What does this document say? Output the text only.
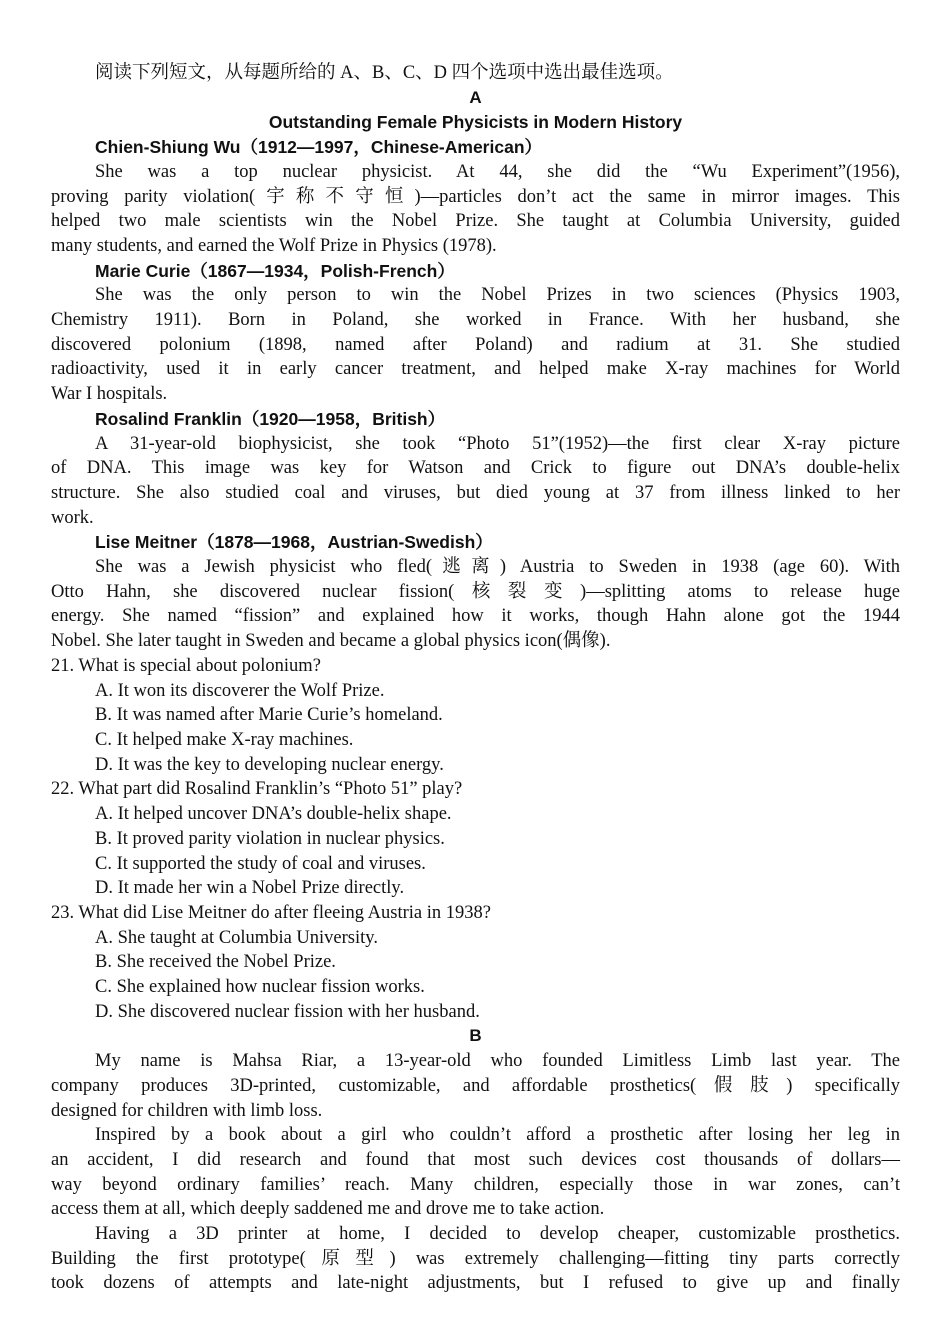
阅读下列短文，从每题所给的 A、B、C、D 四个选项中选出最佳选项。
A
Outstanding Female Physicists in Modern History
Chien-Shiung Wu（1912—1997，Chinese-American）
She was a top nuclear physicist. At 44, she did the “Wu Experiment”(1956),
proving parity violation(宇称不守恒)—particles don’t act the same in mirror images. This
helped two male scientists win the Nobel Prize. She taught at Columbia University, guided
many students, and earned the Wolf Prize in Physics (1978).
Marie Curie（1867—1934，Polish-French）
She was the only person to win the Nobel Prizes in two sciences (Physics 1903,
Chemistry 1911). Born in Poland, she worked in France. With her husband, she
discovered polonium (1898, named after Poland) and radium at 31. She studied
radioactivity, used it in early cancer treatment, and helped make X-ray machines for World
War I hospitals.
Rosalind Franklin（1920—1958，British）
A 31-year-old biophysicist, she took “Photo 51”(1952)—the first clear X-ray picture
of DNA. This image was key for Watson and Crick to figure out DNA’s double-helix
structure. She also studied coal and viruses, but died young at 37 from illness linked to her
work.
Lise Meitner（1878—1968，Austrian-Swedish）
She was a Jewish physicist who fled(逃离) Austria to Sweden in 1938 (age 60). With
Otto Hahn, she discovered nuclear fission(核裂变)—splitting atoms to release huge
energy. She named “fission” and explained how it works, though Hahn alone got the 1944
Nobel. She later taught in Sweden and became a global physics icon(偶像).
21. What is special about polonium?
A. It won its discoverer the Wolf Prize.
B. It was named after Marie Curie’s homeland.
C. It helped make X-ray machines.
D. It was the key to developing nuclear energy.
22. What part did Rosalind Franklin’s “Photo 51” play?
A. It helped uncover DNA’s double-helix shape.
B. It proved parity violation in nuclear physics.
C. It supported the study of coal and viruses.
D. It made her win a Nobel Prize directly.
23. What did Lise Meitner do after fleeing Austria in 1938?
A. She taught at Columbia University.
B. She received the Nobel Prize.
C. She explained how nuclear fission works.
D. She discovered nuclear fission with her husband.
B
My name is Mahsa Riar, a 13-year-old who founded Limitless Limb last year. The
company produces 3D-printed, customizable, and affordable prosthetics(假肢) specifically
designed for children with limb loss.
Inspired by a book about a girl who couldn’t afford a prosthetic after losing her leg in
an accident, I did research and found that most such devices cost thousands of dollars—
way beyond ordinary families’ reach. Many children, especially those in war zones, can’t
access them at all, which deeply saddened me and drove me to take action.
Having a 3D printer at home, I decided to develop cheaper, customizable prosthetics.
Building the first prototype(原型) was extremely challenging—fitting tiny parts correctly
took dozens of attempts and late-night adjustments, but I refused to give up and finally
